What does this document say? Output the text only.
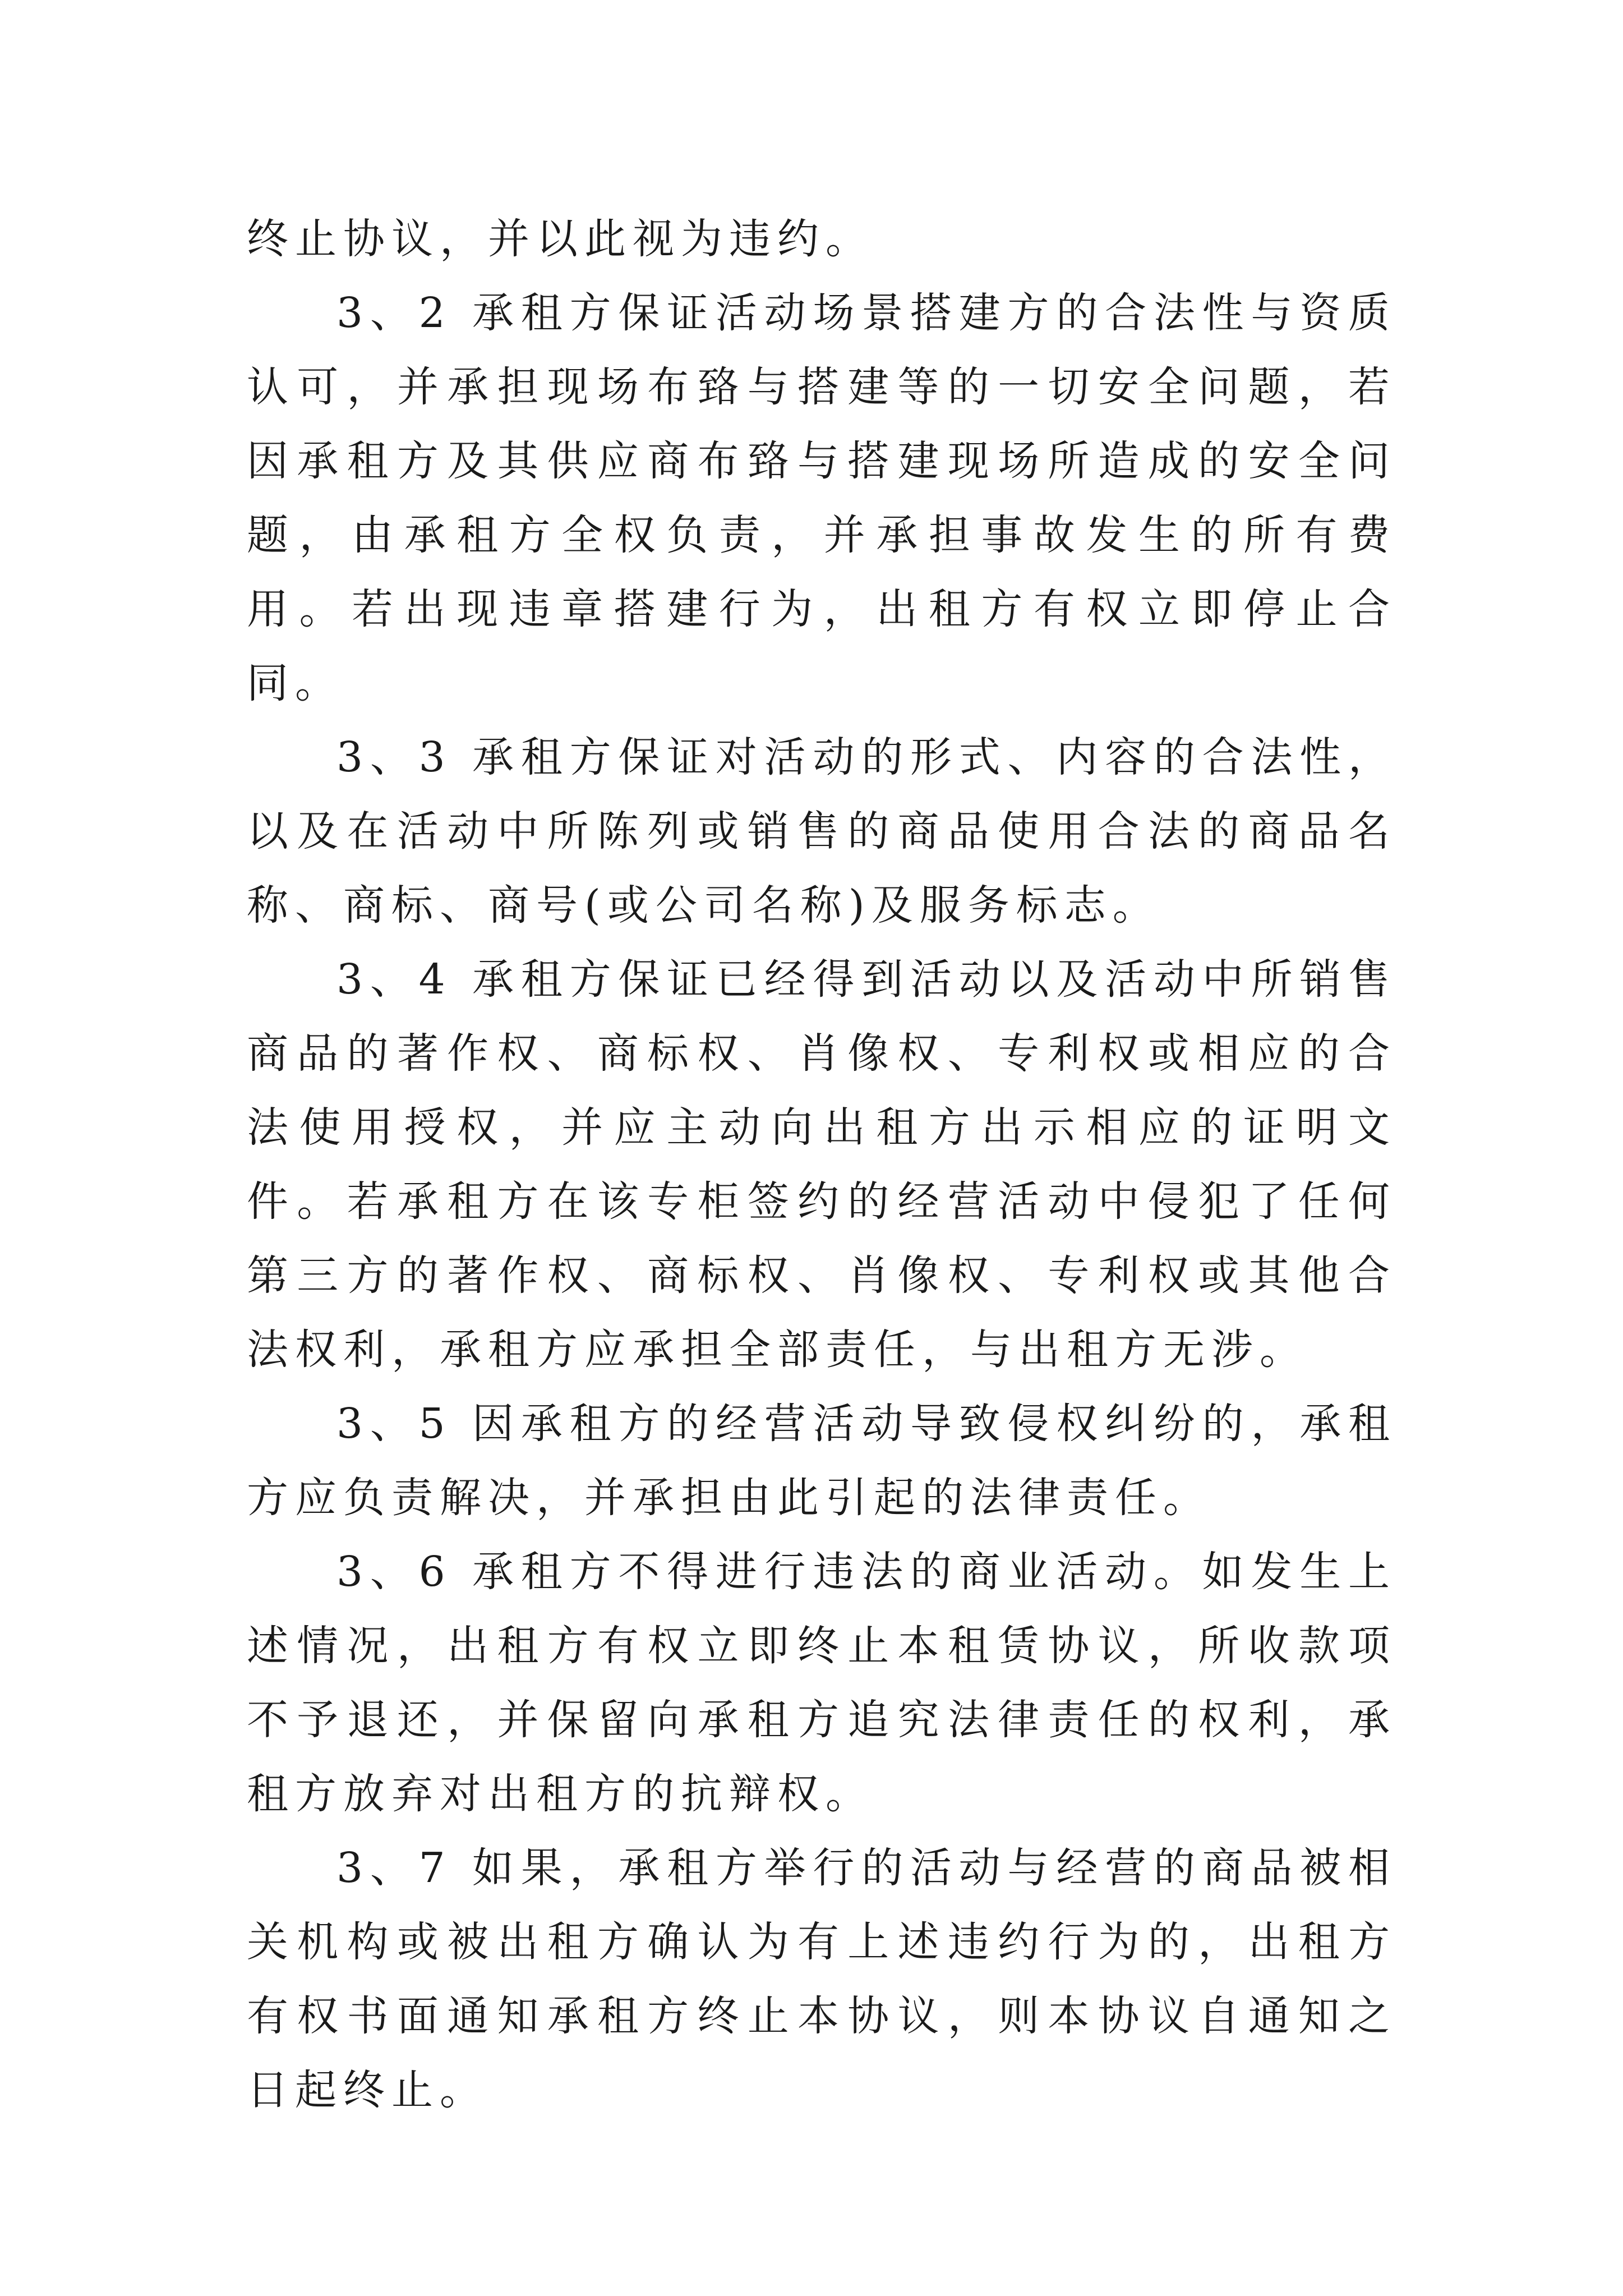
终止协议，并以此视为违约。

3、2 承租方保证活动场景搭建方的合法性与资质认可，并承担现场布臵与搭建等的一切安全问题，若因承租方及其供应商布臵与搭建现场所造成的安全问题，由承租方全权负责，并承担事故发生的所有费用。若出现违章搭建行为，出租方有权立即停止合同。

3、3 承租方保证对活动的形式、内容的合法性，以及在活动中所陈列或销售的商品使用合法的商品名称、商标、商号(或公司名称)及服务标志。

3、4 承租方保证已经得到活动以及活动中所销售商品的著作权、商标权、肖像权、专利权或相应的合法使用授权，并应主动向出租方出示相应的证明文件。若承租方在该专柜签约的经营活动中侵犯了任何第三方的著作权、商标权、肖像权、专利权或其他合法权利，承租方应承担全部责任，与出租方无涉。

3、5 因承租方的经营活动导致侵权纠纷的，承租方应负责解决，并承担由此引起的法律责任。

3、6 承租方不得进行违法的商业活动。如发生上述情况，出租方有权立即终止本租赁协议，所收款项不予退还，并保留向承租方追究法律责任的权利，承租方放弃对出租方的抗辩权。

3、7 如果，承租方举行的活动与经营的商品被相关机构或被出租方确认为有上述违约行为的，出租方有权书面通知承租方终止本协议，则本协议自通知之日起终止。
